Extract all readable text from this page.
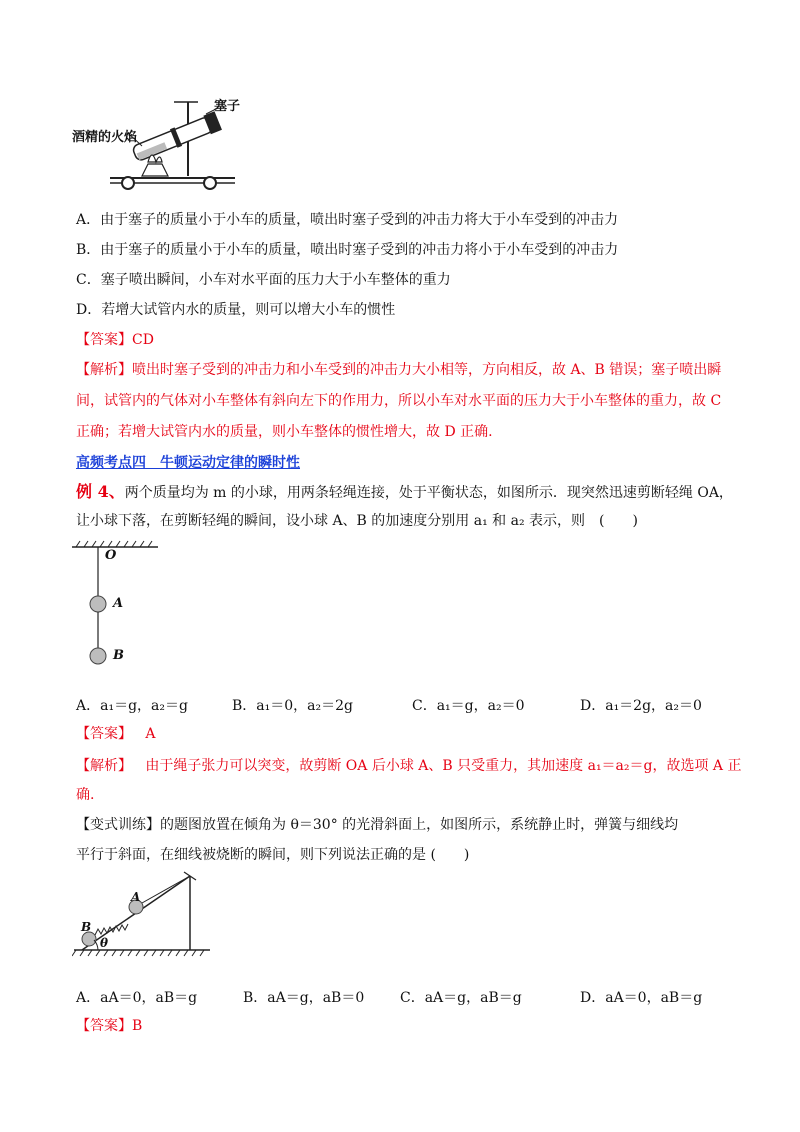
塞子
酒精的火焰
A．由于塞子的质量小于小车的质量，喷出时塞子受到的冲击力将大于小车受到的冲击力
B．由于塞子的质量小于小车的质量，喷出时塞子受到的冲击力将小于小车受到的冲击力
C．塞子喷出瞬间，小车对水平面的压力大于小车整体的重力
D．若增大试管内水的质量，则可以增大小车的惯性
【答案】CD
【解析】喷出时塞子受到的冲击力和小车受到的冲击力大小相等，方向相反，故 A、B 错误；塞子喷出瞬
间，试管内的气体对小车整体有斜向左下的作用力，所以小车对水平面的压力大于小车整体的重力，故 C
正确；若增大试管内水的质量，则小车整体的惯性增大，故 D 正确.
高频考点四　牛顿运动定律的瞬时性
例 4、两个质量均为 m 的小球，用两条轻绳连接，处于平衡状态，如图所示．现突然迅速剪断轻绳 OA，
让小球下落，在剪断轻绳的瞬间，设小球 A、B 的加速度分别用 a₁ 和 a₂ 表示，则　(　　)
O
A
B
A．a₁＝g，a₂＝g	B．a₁＝0，a₂＝2g	C．a₁＝g，a₂＝0	D．a₁＝2g，a₂＝0
【答案】 A
【解析】 由于绳子张力可以突变，故剪断 OA 后小球 A、B 只受重力，其加速度 a₁＝a₂＝g，故选项 A 正
确.
【变式训练】的题图放置在倾角为 θ＝30° 的光滑斜面上，如图所示，系统静止时，弹簧与细线均
平行于斜面，在细线被烧断的瞬间，则下列说法正确的是 (　　)
A
B
θ
A．aA＝0，aB＝g	B．aA＝g，aB＝0	C．aA＝g，aB＝g	D．aA＝0，aB＝g
【答案】B
